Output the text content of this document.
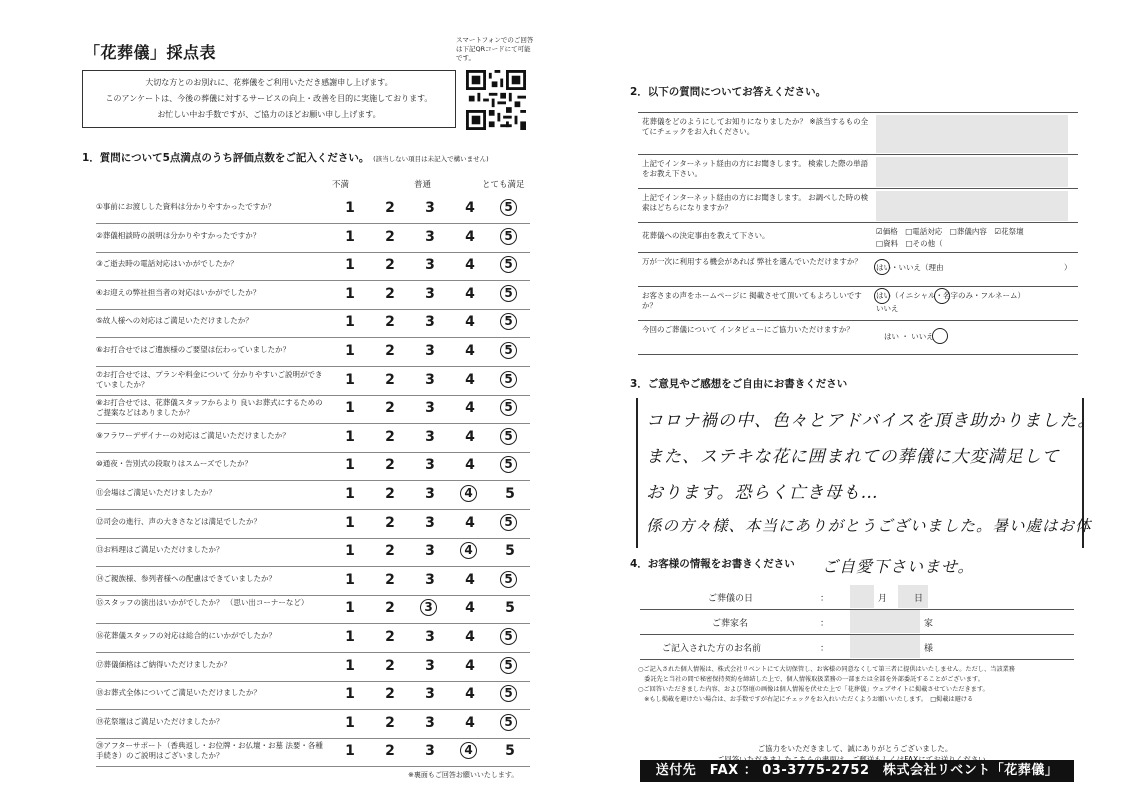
「花葬儀」採点表
スマートフォンでのご回答は下記QRコードにて可能です。
大切な方とのお別れに、花葬儀をご利用いただき感謝申し上げます。
このアンケートは、今後の葬儀に対するサービスの向上・改善を目的に実施しております。
お忙しい中お手数ですが、ご協力のほどお願い申し上げます。
1．質問について5点満点のうち評価点数をご記入ください。 (該当しない項目は未記入で構いません)
不満	普通	とても満足
①事前にお渡しした資料は分かりやすかったですか？	1	2	3	4	5
②葬儀相談時の説明は分かりやすかったですか？	1	2	3	4	5
③ご逝去時の電話対応はいかがでしたか？	1	2	3	4	5
④お迎えの弊社担当者の対応はいかがでしたか？	1	2	3	4	5
⑤故人様への対応はご満足いただけましたか？	1	2	3	4	5
⑥お打合せではご遺族様のご要望は伝わっていましたか？	1	2	3	4	5
⑦お打合せでは、プランや料金について 分かりやすいご説明ができていましたか？	1	2	3	4	5
⑧お打合せでは、花葬儀スタッフからより 良いお葬式にするためのご提案などはありましたか？	1	2	3	4	5
⑨フラワーデザイナーの対応はご満足いただけましたか？	1	2	3	4	5
⑩通夜・告別式の段取りはスムーズでしたか？	1	2	3	4	5
⑪会場はご満足いただけましたか？	1	2	3	4	5
⑫司会の進行、声の大きさなどは満足でしたか？	1	2	3	4	5
⑬お料理はご満足いただけましたか？	1	2	3	4	5
⑭ご親族様、参列者様への配慮はできていましたか？	1	2	3	4	5
⑮スタッフの演出はいかがでしたか？ （思い出コーナーなど）	1	2	3	4	5
⑯花葬儀スタッフの対応は総合的にいかがでしたか？	1	2	3	4	5
⑰葬儀価格はご納得いただけましたか？	1	2	3	4	5
⑱お葬式全体についてご満足いただけましたか？	1	2	3	4	5
⑲花祭壇はご満足いただけましたか？	1	2	3	4	5
⑳アフターサポート（香典返し・お位牌・お仏壇・お墓 法要・各種手続き）のご説明はございましたか？	1	2	3	4	5
※裏面もご回答お願いいたします。
2．以下の質問についてお答えください。
花葬儀をどのようにしてお知りになりましたか？ ※該当するもの全てにチェックをお入れください。
上記でインターネット経由の方にお聞きします。 検索した際の単語をお教え下さい。
上記でインターネット経由の方にお聞きします。 お調べした時の検索はどちらになりますか？
花葬儀への決定事由を教えて下さい。	☑価格　□電話対応　□葬儀内容　☑花祭壇
□資料　□その他（
万が一次に利用する機会があれば 弊社を選んでいただけますか？
はい・いいえ（理由	）
お客さまの声をホームページに 掲載させて頂いてもよろしいですか？
はい（イニシャル・名字のみ・フルネーム）
いいえ
今回のご葬儀について インタビューにご協力いただけますか？
はい ・ いいえ
3．ご意見やご感想をご自由にお書きください
コロナ禍の中、色々とアドバイスを頂き助かりました。
また、ステキな花に囲まれての葬儀に大変満足して
おります。恐らく亡き母も…
係の方々様、本当にありがとうございました。暑い處はお体
4．お客様の情報をお書きください ご自愛下さいませ。
ご葬儀の日	：	月　　　日
ご葬家名	：	家
ご記入された方のお名前	：	様
○ご記入された個人情報は、株式会社リベントにて大切保管し、お客様の同意なくして第三者に提供はいたしません。ただし、当該業務
　委託先と当社の間で秘密保持契約を締結した上で、個人情報取扱業務の一部または全部を外部委託することがございます。
○ご回答いただきました内容、および祭壇の画像は個人情報を伏せた上で「花葬儀」ウェブサイトに掲載させていただきます。
　※もし掲載を避けたい場合は、お手数ですが右記にチェックをお入れいただくようお願いいたします。　□掲載は避ける
ご協力をいただきまして、誠にありがとうございました。
送付先　FAX ： 03-3775-2752　株式会社リベント「花葬儀」
